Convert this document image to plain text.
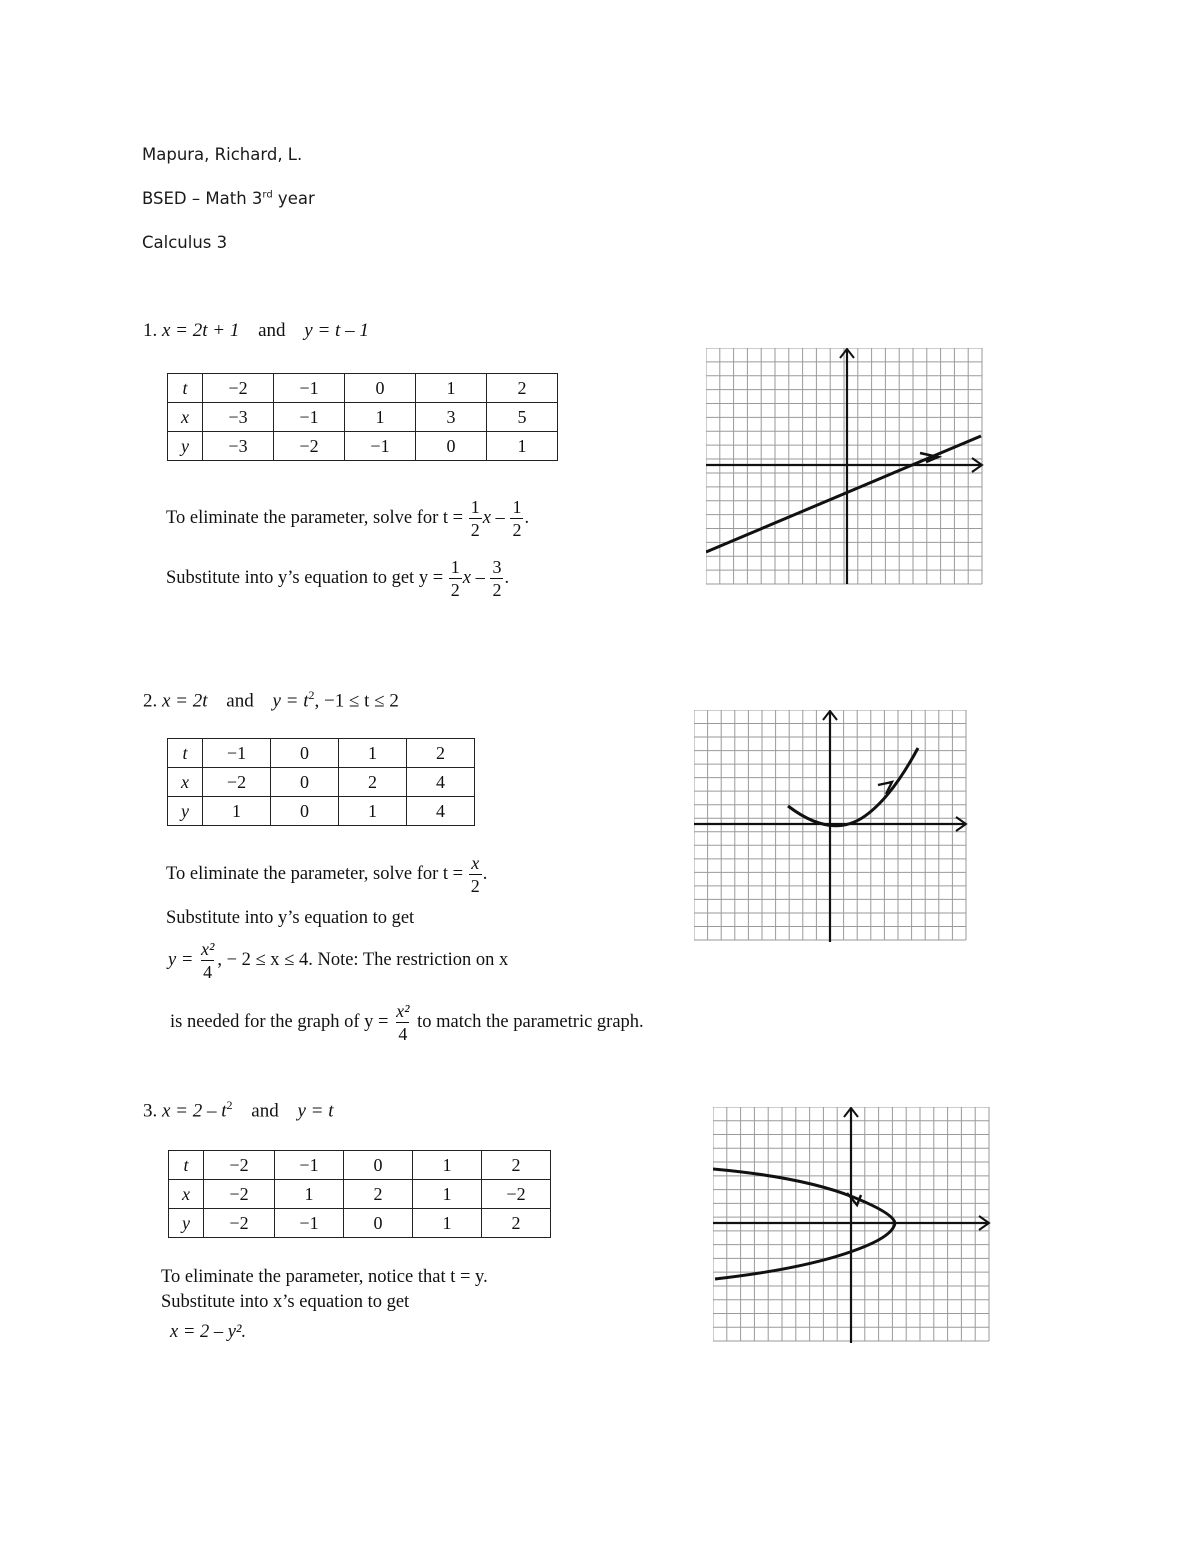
Mapura, Richard, L.
BSED – Math 3rd year
Calculus 3
1. x = 2t + 1 and y = t – 1
t	−2	−1	0	1	2
x	−3	−1	1	3	5
y	−3	−2	−1	0	1
To eliminate the parameter, solve for $t = \frac{1}{2}$ x – $\frac{1}{2}$ .
Substitute into y’s equation to get $y = \frac{1}{2}$ x – $\frac{3}{2}$ .
2. x = 2t and $y = t^2$, −1 ≤ t ≤ 2
t	−1	0	1	2
x	−2	0	2	4
y	1	0	1	4
To eliminate the parameter, solve for $t = \frac{x}{2}$ .
Substitute into y’s equation to get
$y = \frac{\text{x²}}{4}$ , − 2 ≤ x ≤ 4. Note: The restriction on x
is needed for the graph of $y = \frac{\text{x²}}{4}$ to match the parametric graph.
3. $x = 2 - t^2$ and y = t
t	−2	−1	0	1	2
x	−2	1	2	1	−2
y	−2	−1	0	1	2
To eliminate the parameter, notice that t = y.
Substitute into x’s equation to get
x = 2 – y².
